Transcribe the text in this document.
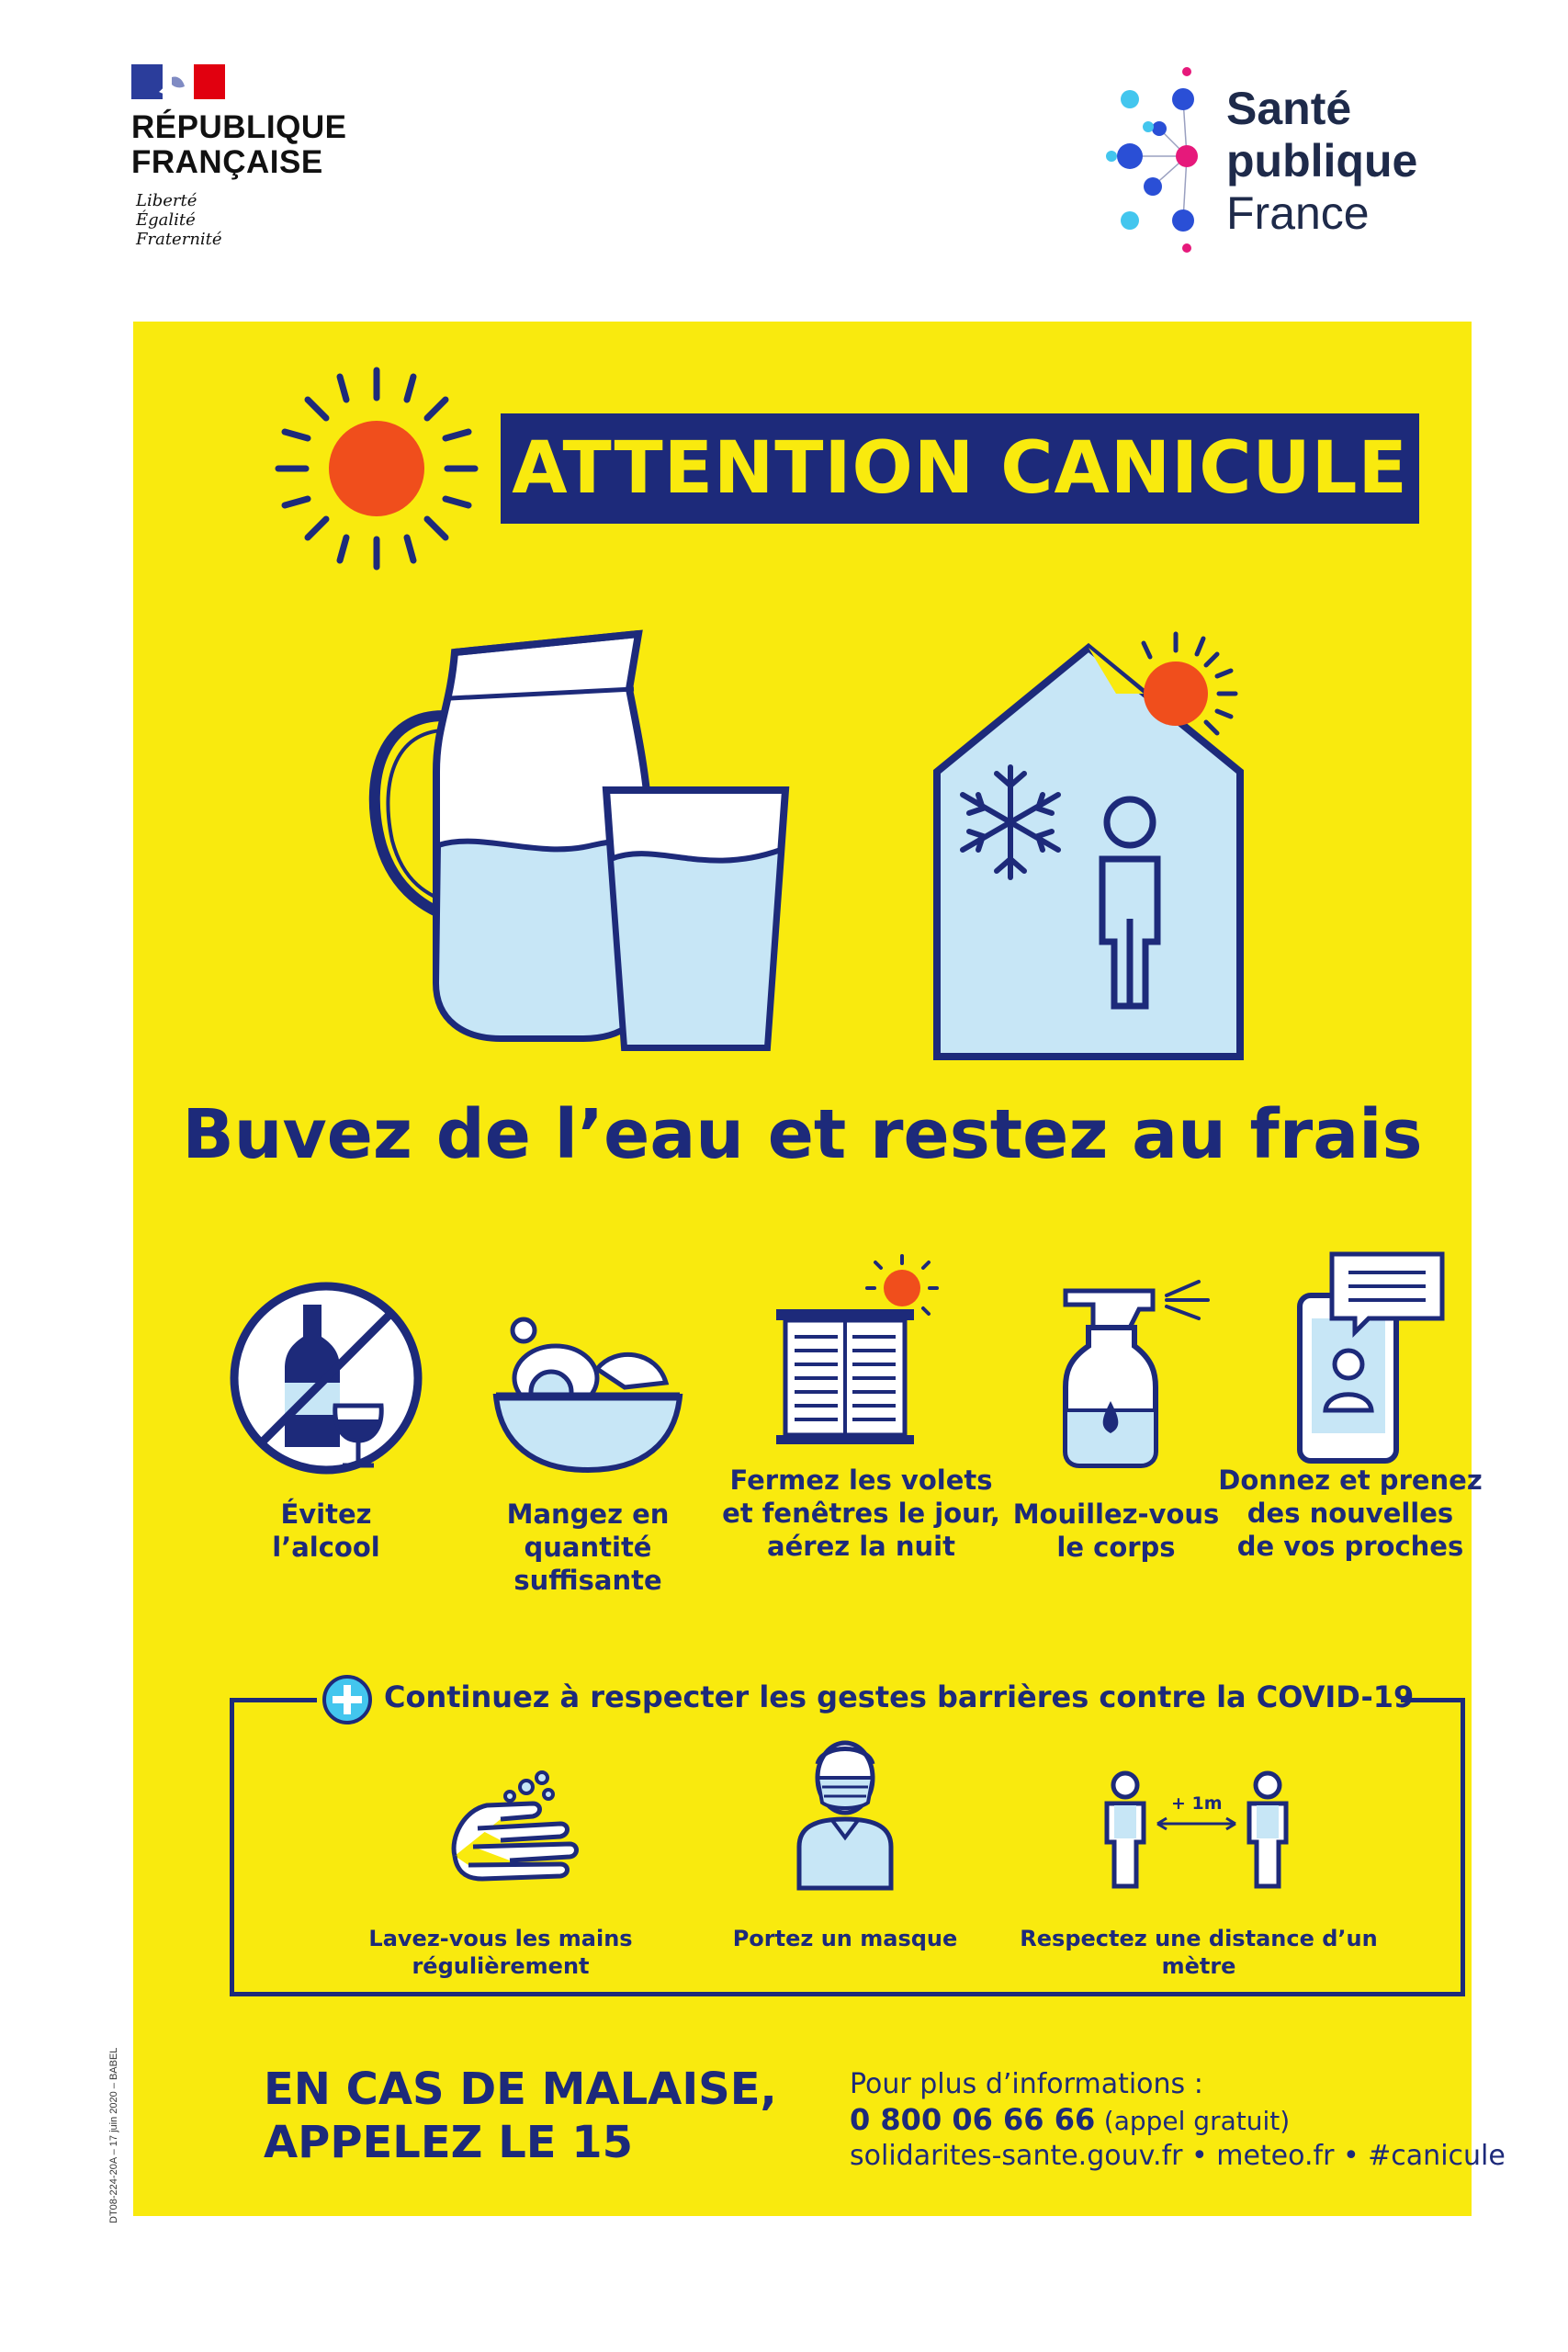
RÉPUBLIQUE
FRANÇAISE
Liberté
Égalité
Fraternité
Santé
publique
France
DT08-224-20A – 17 juin 2020 – BABEL
ATTENTION CANICULE
Buvez de l’eau et restez au frais
Évitez
l’alcool
Mangez en
quantité suffisante
Fermez les volets
et fenêtres le jour,
aérez la nuit
Mouillez-vous
le corps
Donnez et prenez
des nouvelles
de vos proches
Continuez à respecter les gestes barrières contre la COVID-19
Lavez-vous les mains régulièrement
Portez un masque
+ 1m
Respectez une distance d’un mètre
EN CAS DE MALAISE,
APPELEZ LE 15
Pour plus d’informations :
0 800 06 66 66 (appel gratuit)
solidarites-sante.gouv.fr • meteo.fr • #canicule
